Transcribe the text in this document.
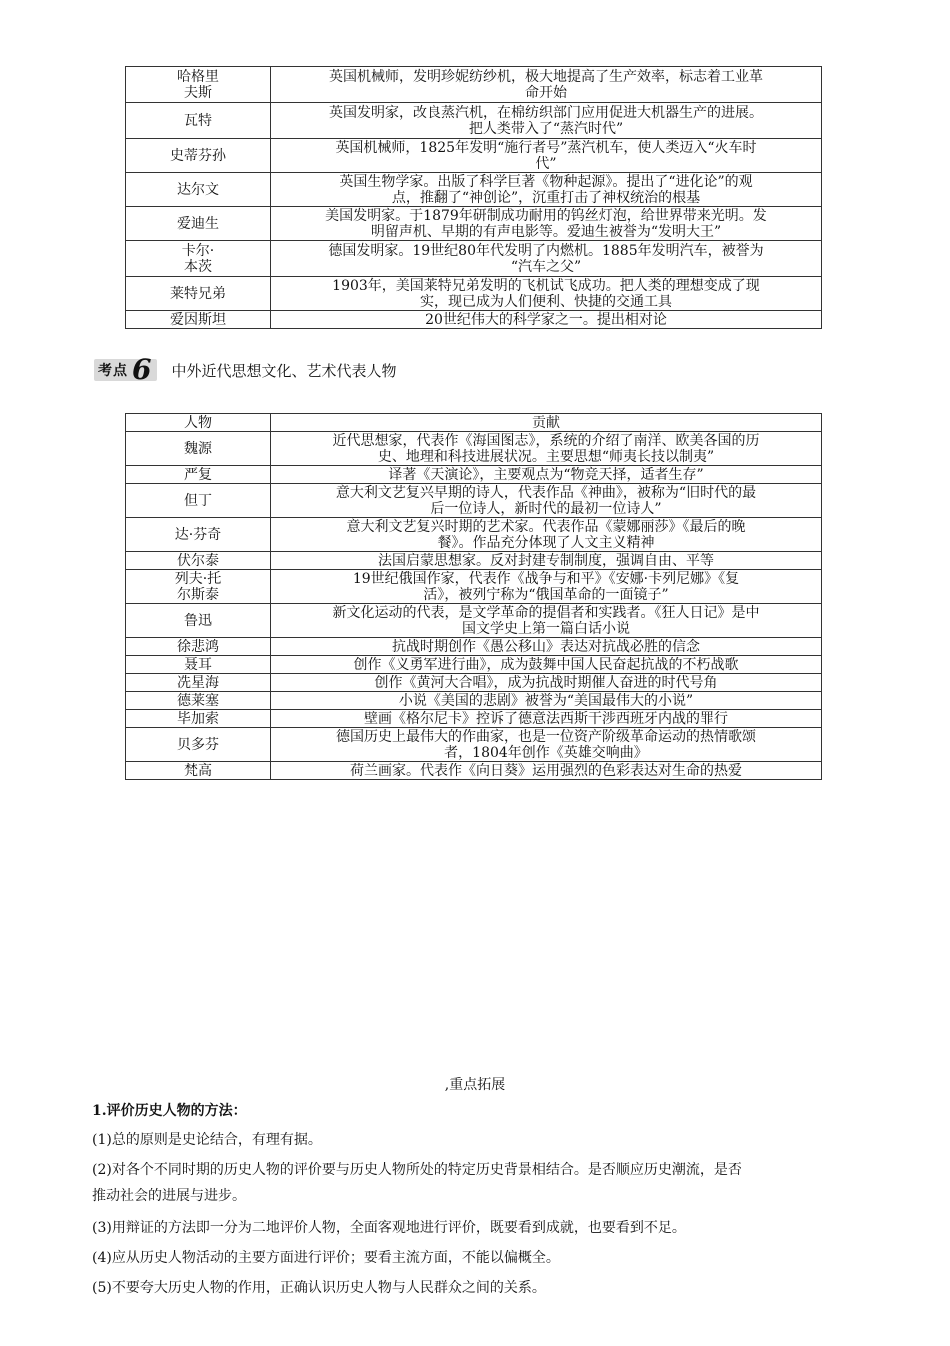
哈格里
夫斯	英国机械师，发明珍妮纺纱机，极大地提高了生产效率，标志着工业革
命开始
瓦特	英国发明家，改良蒸汽机，在棉纺织部门应用促进大机器生产的进展。
把人类带入了“蒸汽时代”
史蒂芬孙	英国机械师，1825年发明“施行者号”蒸汽机车，使人类迈入“火车时
代”
达尔文	英国生物学家。出版了科学巨著《物种起源》。提出了“进化论”的观
点，推翻了“神创论”，沉重打击了神权统治的根基
爱迪生	美国发明家。于1879年研制成功耐用的钨丝灯泡，给世界带来光明。发
明留声机、早期的有声电影等。爱迪生被誉为“发明大王”
卡尔·
本茨	德国发明家。19世纪80年代发明了内燃机。1885年发明汽车，被誉为
“汽车之父”
莱特兄弟	1903年，美国莱特兄弟发明的飞机试飞成功。把人类的理想变成了现
实，现已成为人们便利、快捷的交通工具
爱因斯坦	20世纪伟大的科学家之一。提出相对论
考点 6 中外近代思想文化、艺术代表人物
人物	贡献
魏源	近代思想家，代表作《海国图志》，系统的介绍了南洋、欧美各国的历
史、地理和科技进展状况。主要思想“师夷长技以制夷”
严复	译著《天演论》，主要观点为“物竞天择，适者生存”
但丁	意大利文艺复兴早期的诗人，代表作品《神曲》，被称为“旧时代的最
后一位诗人，新时代的最初一位诗人”
达·芬奇	意大利文艺复兴时期的艺术家。代表作品《蒙娜丽莎》《最后的晚
餐》。作品充分体现了人文主义精神
伏尔泰	法国启蒙思想家。反对封建专制制度，强调自由、平等
列夫·托
尔斯泰	19世纪俄国作家，代表作《战争与和平》《安娜·卡列尼娜》《复
活》，被列宁称为“俄国革命的一面镜子”
鲁迅	新文化运动的代表，是文学革命的提倡者和实践者。《狂人日记》是中
国文学史上第一篇白话小说
徐悲鸿	抗战时期创作《愚公移山》表达对抗战必胜的信念
聂耳	创作《义勇军进行曲》，成为鼓舞中国人民奋起抗战的不朽战歌
冼星海	创作《黄河大合唱》，成为抗战时期催人奋进的时代号角
德莱塞	小说《美国的悲剧》被誉为“美国最伟大的小说”
毕加索	壁画《格尔尼卡》控诉了德意法西斯干涉西班牙内战的罪行
贝多芬	德国历史上最伟大的作曲家，也是一位资产阶级革命运动的热情歌颂
者，1804年创作《英雄交响曲》
梵高	荷兰画家。代表作《向日葵》运用强烈的色彩表达对生命的热爱
,重点拓展
1.评价历史人物的方法：
(1)总的原则是史论结合，有理有据。
(2)对各个不同时期的历史人物的评价要与历史人物所处的特定历史背景相结合。是否顺应历史潮流，是否
推动社会的进展与进步。
(3)用辩证的方法即一分为二地评价人物，全面客观地进行评价，既要看到成就，也要看到不足。
(4)应从历史人物活动的主要方面进行评价；要看主流方面，不能以偏概全。
(5)不要夸大历史人物的作用，正确认识历史人物与人民群众之间的关系。
